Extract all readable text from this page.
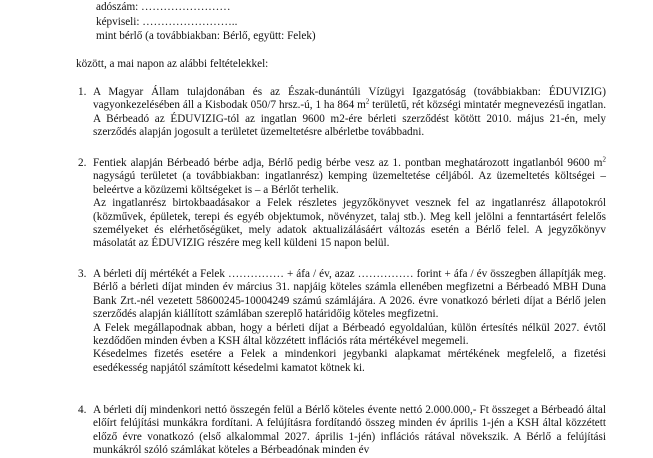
adószám: ……………………
képviseli: ……………………..
mint bérlő (a továbbiakban: Bérlő, együtt: Felek)
között, a mai napon az alábbi feltételekkel:
1. A Magyar Állam tulajdonában és az Észak-dunántúli Vízügyi Igazgatóság (továbbiakban: ÉDUVIZIG) vagyonkezelésében áll a Kisbodak 050/7 hrsz.-ú, 1 ha 864 $m^2$ területű, rét községi mintatér megnevezésű ingatlan. A Bérbeadó az ÉDUVIZIG-tól az ingatlan 9600 m2-ére bérleti szerződést kötött 2010. május 21-én, mely szerződés alapján jogosult a területet üzemeltetésre albérletbe továbbadni.

2. Fentiek alapján Bérbeadó bérbe adja, Bérlő pedig bérbe vesz az 1. pontban meghatározott ingatlanból 9600 $m^2$ nagyságú területet (a továbbiakban: ingatlanrész) kemping üzemeltetése céljából. Az üzemeltetés költségei – beleértve a közüzemi költségeket is – a Bérlőt terhelik.

Az ingatlanrész birtokbaadásakor a Felek részletes jegyzőkönyvet vesznek fel az ingatlanrész állapotokról (közművek, épületek, terepi és egyéb objektumok, növényzet, talaj stb.). Meg kell jelölni a fenntartásért felelős személyeket és elérhetőségüket, mely adatok aktualizálásáért változás esetén a Bérlő felel. A jegyzőkönyv másolatát az ÉDUVIZIG részére meg kell küldeni 15 napon belül.

3. A bérleti díj mértékét a Felek …………… + áfa / év, azaz …………… forint + áfa / év összegben állapítják meg. Bérlő a bérleti díjat minden év március 31. napjáig köteles számla ellenében megfizetni a Bérbeadó MBH Duna Bank Zrt.-nél vezetett 58600245-10004249 számú számlájára. A 2026. évre vonatkozó bérleti díjat a Bérlő jelen szerződés alapján kiállított számlában szereplő határidőig köteles megfizetni.

A Felek megállapodnak abban, hogy a bérleti díjat a Bérbeadó egyoldalúan, külön értesítés nélkül 2027. évtől kezdődően minden évben a KSH által közzétett inflációs ráta mértékével megemeli.

Késedelmes fizetés esetére a Felek a mindenkori jegybanki alapkamat mértékének megfelelő, a fizetési esedékesség napjától számított késedelmi kamatot kötnek ki.

4. A bérleti díj mindenkori nettó összegén felül a Bérlő köteles évente nettó 2.000.000,- Ft összeget a Bérbeadó által előírt felújítási munkákra fordítani. A felújításra fordítandó összeg minden év április 1-jén a KSH által közzétett előző évre vonatkozó (első alkalommal 2027. április 1-jén) inflációs rátával növekszik. A Bérlő a felújítási munkákról szóló számlákat köteles a Bérbeadónak minden év
